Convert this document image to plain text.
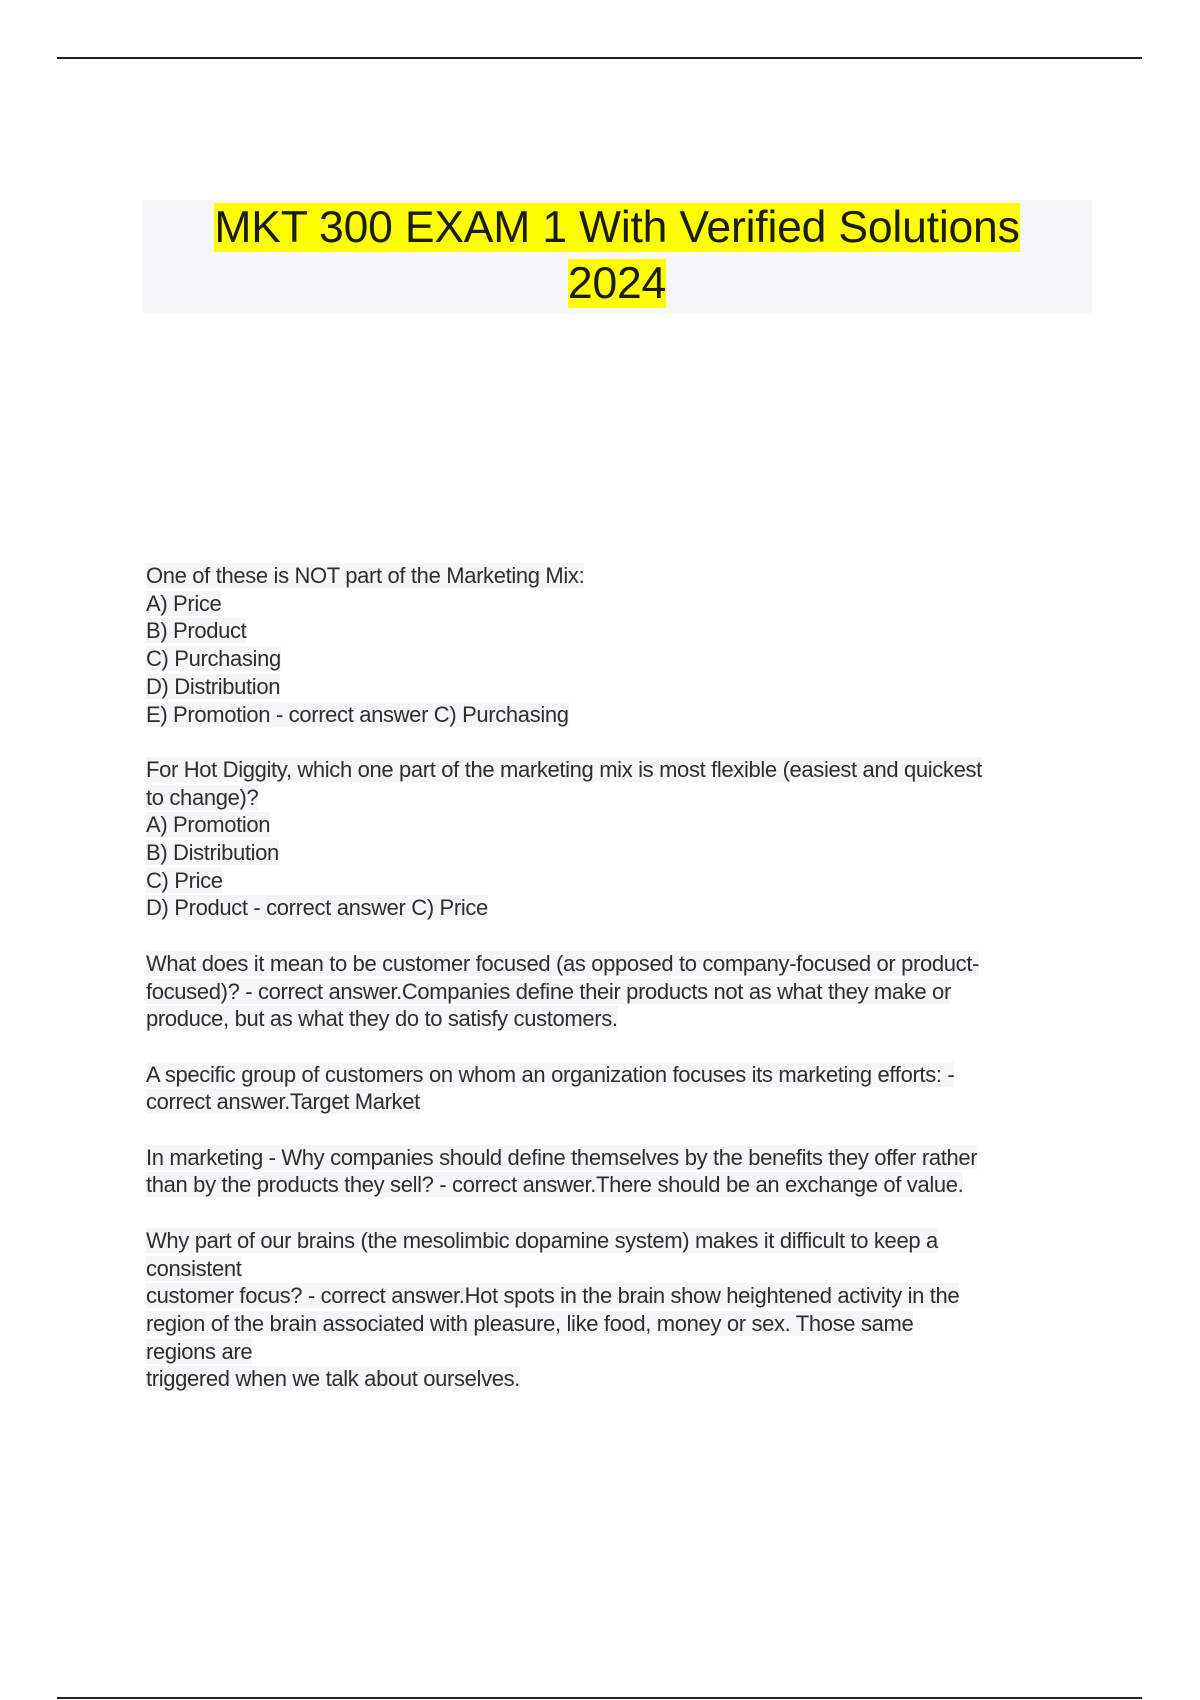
MKT 300 EXAM 1 With Verified Solutions
2024
One of these is NOT part of the Marketing Mix:
A) Price
B) Product
C) Purchasing
D) Distribution
E) Promotion - correct answer C) Purchasing
For Hot Diggity, which one part of the marketing mix is most flexible (easiest and quickest
to change)?
A) Promotion
B) Distribution
C) Price
D) Product - correct answer C) Price
What does it mean to be customer focused (as opposed to company-focused or product-
focused)? - correct answer.Companies define their products not as what they make or
produce, but as what they do to satisfy customers.
A specific group of customers on whom an organization focuses its marketing efforts: -
correct answer.Target Market
In marketing - Why companies should define themselves by the benefits they offer rather
than by the products they sell? - correct answer.There should be an exchange of value.
Why part of our brains (the mesolimbic dopamine system) makes it difficult to keep a
consistent
customer focus? - correct answer.Hot spots in the brain show heightened activity in the
region of the brain associated with pleasure, like food, money or sex. Those same
regions are
triggered when we talk about ourselves.
